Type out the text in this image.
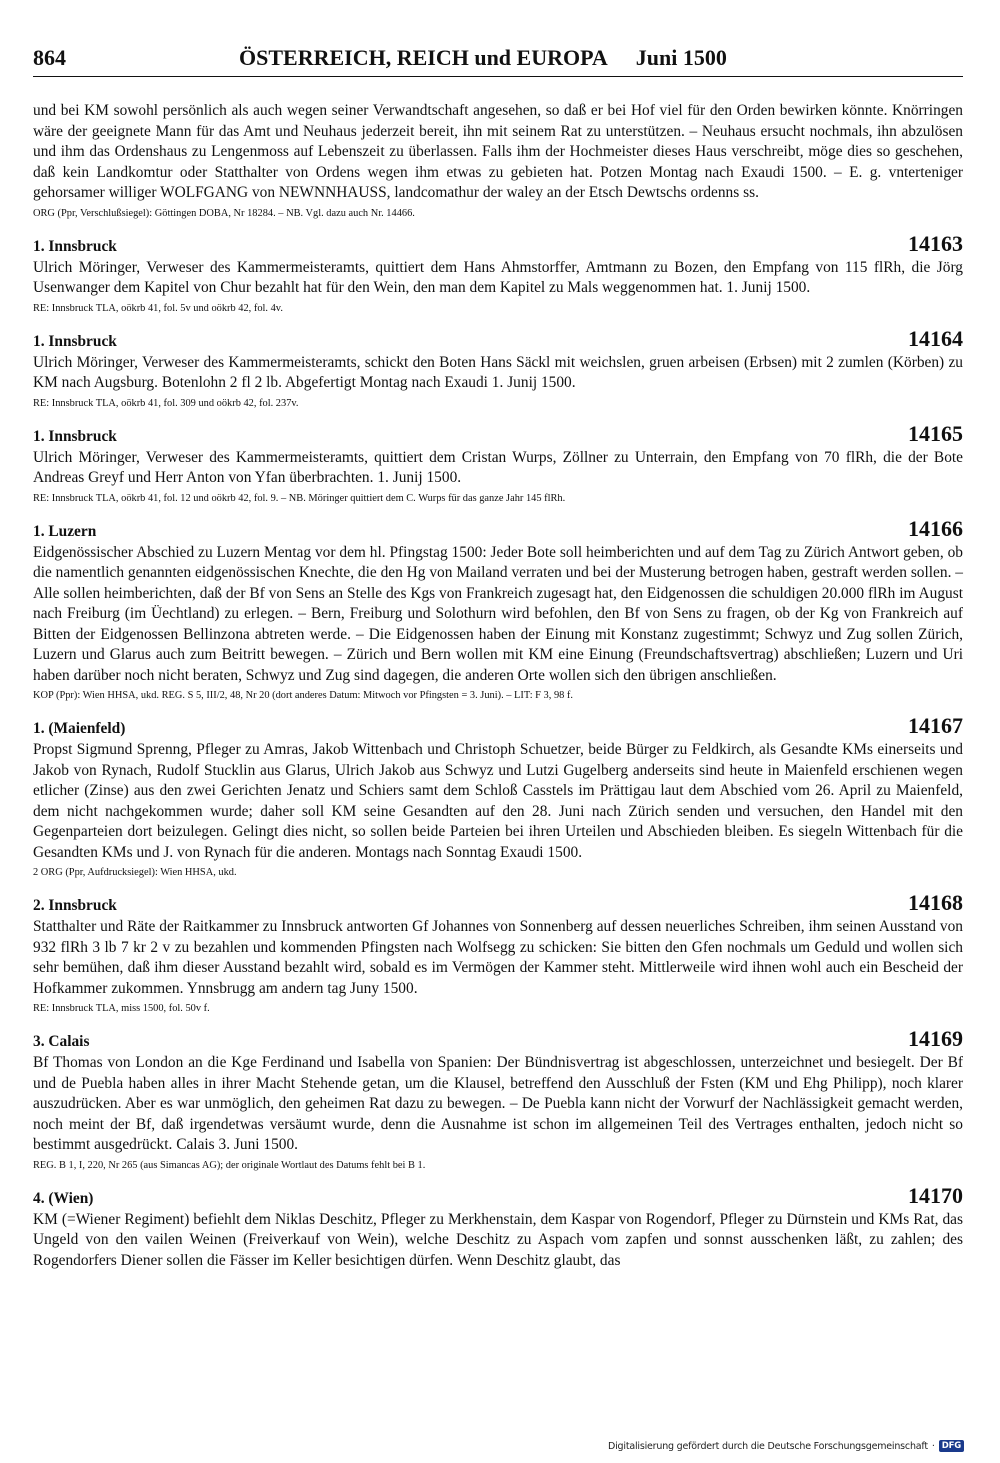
864	ÖSTERREICH, REICH und EUROPA Juni 1500

und bei KM sowohl persönlich als auch wegen seiner Verwandtschaft angesehen, so daß er bei Hof viel für den Orden bewirken könnte. Knörringen wäre der geeignete Mann für das Amt und Neuhaus jederzeit bereit, ihn mit seinem Rat zu unterstützen. – Neuhaus ersucht nochmals, ihn abzulösen und ihm das Ordenshaus zu Lengenmoss auf Lebenszeit zu überlassen. Falls ihm der Hochmeister dieses Haus verschreibt, möge dies so geschehen, daß kein Landkomtur oder Statthalter von Ordens wegen ihm etwas zu gebieten hat. Potzen Montag nach Exaudi 1500. – E. g. vnterteniger gehorsamer williger WOLFGANG von NEWNNHAUSS, landcomathur der waley an der Etsch Dewtschs ordenns ss.

ORG (Ppr, Verschlußsiegel): Göttingen DOBA, Nr 18284. – NB. Vgl. dazu auch Nr. 14466.

1. Innsbruck	14163

Ulrich Möringer, Verweser des Kammermeisteramts, quittiert dem Hans Ahmstorffer, Amtmann zu Bozen, den Empfang von 115 flRh, die Jörg Usenwanger dem Kapitel von Chur bezahlt hat für den Wein, den man dem Kapitel zu Mals weggenommen hat. 1. Junij 1500.

RE: Innsbruck TLA, oökrb 41, fol. 5v und oökrb 42, fol. 4v.

1. Innsbruck	14164

Ulrich Möringer, Verweser des Kammermeisteramts, schickt den Boten Hans Säckl mit weichslen, gruen arbeisen (Erbsen) mit 2 zumlen (Körben) zu KM nach Augsburg. Botenlohn 2 fl 2 lb. Abgefertigt Montag nach Exaudi 1. Junij 1500.

RE: Innsbruck TLA, oökrb 41, fol. 309 und oökrb 42, fol. 237v.

1. Innsbruck	14165

Ulrich Möringer, Verweser des Kammermeisteramts, quittiert dem Cristan Wurps, Zöllner zu Unterrain, den Empfang von 70 flRh, die der Bote Andreas Greyf und Herr Anton von Yfan überbrachten. 1. Junij 1500.

RE: Innsbruck TLA, oökrb 41, fol. 12 und oökrb 42, fol. 9. – NB. Möringer quittiert dem C. Wurps für das ganze Jahr 145 flRh.

1. Luzern	14166

Eidgenössischer Abschied zu Luzern Mentag vor dem hl. Pfingstag 1500: Jeder Bote soll heimberichten und auf dem Tag zu Zürich Antwort geben, ob die namentlich genannten eidgenössischen Knechte, die den Hg von Mailand verraten und bei der Musterung betrogen haben, gestraft werden sollen. – Alle sollen heimberichten, daß der Bf von Sens an Stelle des Kgs von Frankreich zugesagt hat, den Eidgenossen die schuldigen 20.000 flRh im August nach Freiburg (im Üechtland) zu erlegen. – Bern, Freiburg und Solothurn wird befohlen, den Bf von Sens zu fragen, ob der Kg von Frankreich auf Bitten der Eidgenossen Bellinzona abtreten werde. – Die Eidgenossen haben der Einung mit Konstanz zugestimmt; Schwyz und Zug sollen Zürich, Luzern und Glarus auch zum Beitritt bewegen. – Zürich und Bern wollen mit KM eine Einung (Freundschaftsvertrag) abschließen; Luzern und Uri haben darüber noch nicht beraten, Schwyz und Zug sind dagegen, die anderen Orte wollen sich den übrigen anschließen.

KOP (Ppr): Wien HHSA, ukd. REG. S 5, III/2, 48, Nr 20 (dort anderes Datum: Mitwoch vor Pfingsten = 3. Juni). – LIT: F 3, 98 f.

1. (Maienfeld)	14167

Propst Sigmund Sprenng, Pfleger zu Amras, Jakob Wittenbach und Christoph Schuetzer, beide Bürger zu Feldkirch, als Gesandte KMs einerseits und Jakob von Rynach, Rudolf Stucklin aus Glarus, Ulrich Jakob aus Schwyz und Lutzi Gugelberg anderseits sind heute in Maienfeld erschienen wegen etlicher (Zinse) aus den zwei Gerichten Jenatz und Schiers samt dem Schloß Casstels im Prättigau laut dem Abschied vom 26. April zu Maienfeld, dem nicht nachgekommen wurde; daher soll KM seine Gesandten auf den 28. Juni nach Zürich senden und versuchen, den Handel mit den Gegenparteien dort beizulegen. Gelingt dies nicht, so sollen beide Parteien bei ihren Urteilen und Abschieden bleiben. Es siegeln Wittenbach für die Gesandten KMs und J. von Rynach für die anderen. Montags nach Sonntag Exaudi 1500.

2 ORG (Ppr, Aufdrucksiegel): Wien HHSA, ukd.

2. Innsbruck	14168

Statthalter und Räte der Raitkammer zu Innsbruck antworten Gf Johannes von Sonnenberg auf dessen neuerliches Schreiben, ihm seinen Ausstand von 932 flRh 3 lb 7 kr 2 v zu bezahlen und kommenden Pfingsten nach Wolfsegg zu schicken: Sie bitten den Gfen nochmals um Geduld und wollen sich sehr bemühen, daß ihm dieser Ausstand bezahlt wird, sobald es im Vermögen der Kammer steht. Mittlerweile wird ihnen wohl auch ein Bescheid der Hofkammer zukommen. Ynnsbrugg am andern tag Juny 1500.

RE: Innsbruck TLA, miss 1500, fol. 50v f.

3. Calais	14169

Bf Thomas von London an die Kge Ferdinand und Isabella von Spanien: Der Bündnisvertrag ist abgeschlossen, unterzeichnet und besiegelt. Der Bf und de Puebla haben alles in ihrer Macht Stehende getan, um die Klausel, betreffend den Ausschluß der Fsten (KM und Ehg Philipp), noch klarer auszudrücken. Aber es war unmöglich, den geheimen Rat dazu zu bewegen. – De Puebla kann nicht der Vorwurf der Nachlässigkeit gemacht werden, noch meint der Bf, daß irgendetwas versäumt wurde, denn die Ausnahme ist schon im allgemeinen Teil des Vertrages enthalten, jedoch nicht so bestimmt ausgedrückt. Calais 3. Juni 1500.

REG. B 1, I, 220, Nr 265 (aus Simancas AG); der originale Wortlaut des Datums fehlt bei B 1.

4. (Wien)	14170

KM (=Wiener Regiment) befiehlt dem Niklas Deschitz, Pfleger zu Merkhenstain, dem Kaspar von Rogendorf, Pfleger zu Dürnstein und KMs Rat, das Ungeld von den vailen Weinen (Freiverkauf von Wein), welche Deschitz zu Aspach vom zapfen und sonnst ausschenken läßt, zu zahlen; des Rogendorfers Diener sollen die Fässer im Keller besichtigen dürfen. Wenn Deschitz glaubt, das

Digitalisierung gefördert durch die Deutsche Forschungsgemeinschaft · DFG
